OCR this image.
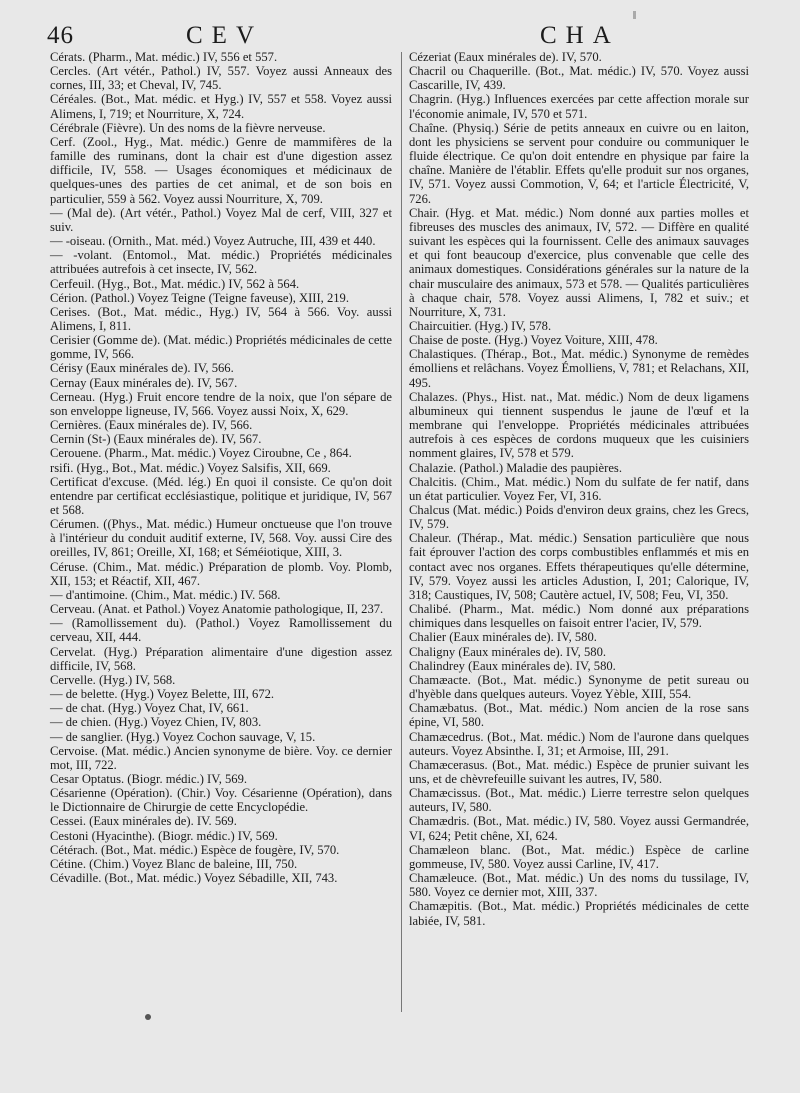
46	CEV	CHA

Cérats. (Pharm., Mat. médic.) IV, 556 et 557.

Cercles. (Art vétér., Pathol.) IV, 557. Voyez aussi Anneaux des cornes, III, 33; et Cheval, IV, 745.

Céréales. (Bot., Mat. médic. et Hyg.) IV, 557 et 558. Voyez aussi Alimens, I, 719; et Nourriture, X, 724.

Cérébrale (Fièvre). Un des noms de la fièvre nerveuse.

Cerf. (Zool., Hyg., Mat. médic.) Genre de mammifères de la famille des ruminans, dont la chair est d'une digestion assez difficile, IV, 558. — Usages économiques et médicinaux de quelques-unes des parties de cet animal, et de son bois en particulier, 559 à 562. Voyez aussi Nourriture, X, 709.

— (Mal de). (Art vétér., Pathol.) Voyez Mal de cerf, VIII, 327 et suiv.

— -oiseau. (Ornith., Mat. méd.) Voyez Autruche, III, 439 et 440.

— -volant. (Entomol., Mat. médic.) Propriétés médicinales attribuées autrefois à cet insecte, IV, 562.

Cerfeuil. (Hyg., Bot., Mat. médic.) IV, 562 à 564.

Cérion. (Pathol.) Voyez Teigne (Teigne faveuse), XIII, 219.

Cerises. (Bot., Mat. médic., Hyg.) IV, 564 à 566. Voy. aussi Alimens, I, 811.

Cerisier (Gomme de). (Mat. médic.) Propriétés médicinales de cette gomme, IV, 566.

Cérisy (Eaux minérales de). IV, 566.

Cernay (Eaux minérales de). IV, 567.

Cerneau. (Hyg.) Fruit encore tendre de la noix, que l'on sépare de son enveloppe ligneuse, IV, 566. Voyez aussi Noix, X, 629.

Cernières. (Eaux minérales de). IV, 566.

Cernin (St-) (Eaux minérales de). IV, 567.

Cerouene. (Pharm., Mat. médic.) Voyez Ciroubne, Ce , 864.

rsifi. (Hyg., Bot., Mat. médic.) Voyez Salsifis, XII, 669.

Certificat d'excuse. (Méd. lég.) En quoi il consiste. Ce qu'on doit entendre par certificat ecclésiastique, politique et juridique, IV, 567 et 568.

Cérumen. ((Phys., Mat. médic.) Humeur onctueuse que l'on trouve à l'intérieur du conduit auditif externe, IV, 568. Voy. aussi Cire des oreilles, IV, 861; Oreille, XI, 168; et Séméiotique, XIII, 3.

Céruse. (Chim., Mat. médic.) Préparation de plomb. Voy. Plomb, XII, 153; et Réactif, XII, 467.

— d'antimoine. (Chim., Mat. médic.) IV. 568.

Cerveau. (Anat. et Pathol.) Voyez Anatomie pathologique, II, 237.

— (Ramollissement du). (Pathol.) Voyez Ramollissement du cerveau, XII, 444.

Cervelat. (Hyg.) Préparation alimentaire d'une digestion assez difficile, IV, 568.

Cervelle. (Hyg.) IV, 568.

— de belette. (Hyg.) Voyez Belette, III, 672.

— de chat. (Hyg.) Voyez Chat, IV, 661.

— de chien. (Hyg.) Voyez Chien, IV, 803.

— de sanglier. (Hyg.) Voyez Cochon sauvage, V, 15.

Cervoise. (Mat. médic.) Ancien synonyme de bière. Voy. ce dernier mot, III, 722.

Cesar Optatus. (Biogr. médic.) IV, 569.

Césarienne (Opération). (Chir.) Voy. Césarienne (Opération), dans le Dictionnaire de Chirurgie de cette Encyclopédie.

Cessei. (Eaux minérales de). IV. 569.

Cestoni (Hyacinthe). (Biogr. médic.) IV, 569.

Cétérach. (Bot., Mat. médic.) Espèce de fougère, IV, 570.

Cétine. (Chim.) Voyez Blanc de baleine, III, 750.

Cévadille. (Bot., Mat. médic.) Voyez Sébadille, XII, 743.

Cézeriat (Eaux minérales de). IV, 570.

Chacril ou Chaquerille. (Bot., Mat. médic.) IV, 570. Voyez aussi Cascarille, IV, 439.

Chagrin. (Hyg.) Influences exercées par cette affection morale sur l'économie animale, IV, 570 et 571.

Chaîne. (Physiq.) Série de petits anneaux en cuivre ou en laiton, dont les physiciens se servent pour conduire ou communiquer le fluide électrique. Ce qu'on doit entendre en physique par faire la chaîne. Manière de l'établir. Effets qu'elle produit sur nos organes, IV, 571. Voyez aussi Commotion, V, 64; et l'article Électricité, V, 726.

Chair. (Hyg. et Mat. médic.) Nom donné aux parties molles et fibreuses des muscles des animaux, IV, 572. — Diffère en qualité suivant les espèces qui la fournissent. Celle des animaux sauvages et qui font beaucoup d'exercice, plus convenable que celle des animaux domestiques. Considérations générales sur la nature de la chair musculaire des animaux, 573 et 578. — Qualités particulières à chaque chair, 578. Voyez aussi Alimens, I, 782 et suiv.; et Nourriture, X, 731.

Chaircuitier. (Hyg.) IV, 578.

Chaise de poste. (Hyg.) Voyez Voiture, XIII, 478.

Chalastiques. (Thérap., Bot., Mat. médic.) Synonyme de remèdes émolliens et relâchans. Voyez Émolliens, V, 781; et Relachans, XII, 495.

Chalazes. (Phys., Hist. nat., Mat. médic.) Nom de deux ligamens albumineux qui tiennent suspendus le jaune de l'œuf et la membrane qui l'enveloppe. Propriétés médicinales attribuées autrefois à ces espèces de cordons muqueux que les cuisiniers nomment glaires, IV, 578 et 579.

Chalazie. (Pathol.) Maladie des paupières.

Chalcitis. (Chim., Mat. médic.) Nom du sulfate de fer natif, dans un état particulier. Voyez Fer, VI, 316.

Chalcus (Mat. médic.) Poids d'environ deux grains, chez les Grecs, IV, 579.

Chaleur. (Thérap., Mat. médic.) Sensation particulière que nous fait éprouver l'action des corps combustibles enflammés et mis en contact avec nos organes. Effets thérapeutiques qu'elle détermine, IV, 579. Voyez aussi les articles Adustion, I, 201; Calorique, IV, 318; Caustiques, IV, 508; Cautère actuel, IV, 508; Feu, VI, 350.

Chalibé. (Pharm., Mat. médic.) Nom donné aux préparations chimiques dans lesquelles on faisoit entrer l'acier, IV, 579.

Chalier (Eaux minérales de). IV, 580.

Chaligny (Eaux minérales de). IV, 580.

Chalindrey (Eaux minérales de). IV, 580.

Chamæacte. (Bot., Mat. médic.) Synonyme de petit sureau ou d'hyèble dans quelques auteurs. Voyez Yèble, XIII, 554.

Chamæbatus. (Bot., Mat. médic.) Nom ancien de la rose sans épine, VI, 580.

Chamæcedrus. (Bot., Mat. médic.) Nom de l'aurone dans quelques auteurs. Voyez Absinthe. I, 31; et Armoise, III, 291.

Chamæcerasus. (Bot., Mat. médic.) Espèce de prunier suivant les uns, et de chèvrefeuille suivant les autres, IV, 580.

Chamæcissus. (Bot., Mat. médic.) Lierre terrestre selon quelques auteurs, IV, 580.

Chamædris. (Bot., Mat. médic.) IV, 580. Voyez aussi Germandrée, VI, 624; Petit chêne, XI, 624.

Chamæleon blanc. (Bot., Mat. médic.) Espèce de carline gommeuse, IV, 580. Voyez aussi Carline, IV, 417.

Chamæleuce. (Bot., Mat. médic.) Un des noms du tussilage, IV, 580. Voyez ce dernier mot, XIII, 337.

Chamæpitis. (Bot., Mat. médic.) Propriétés médicinales de cette labiée, IV, 581.
